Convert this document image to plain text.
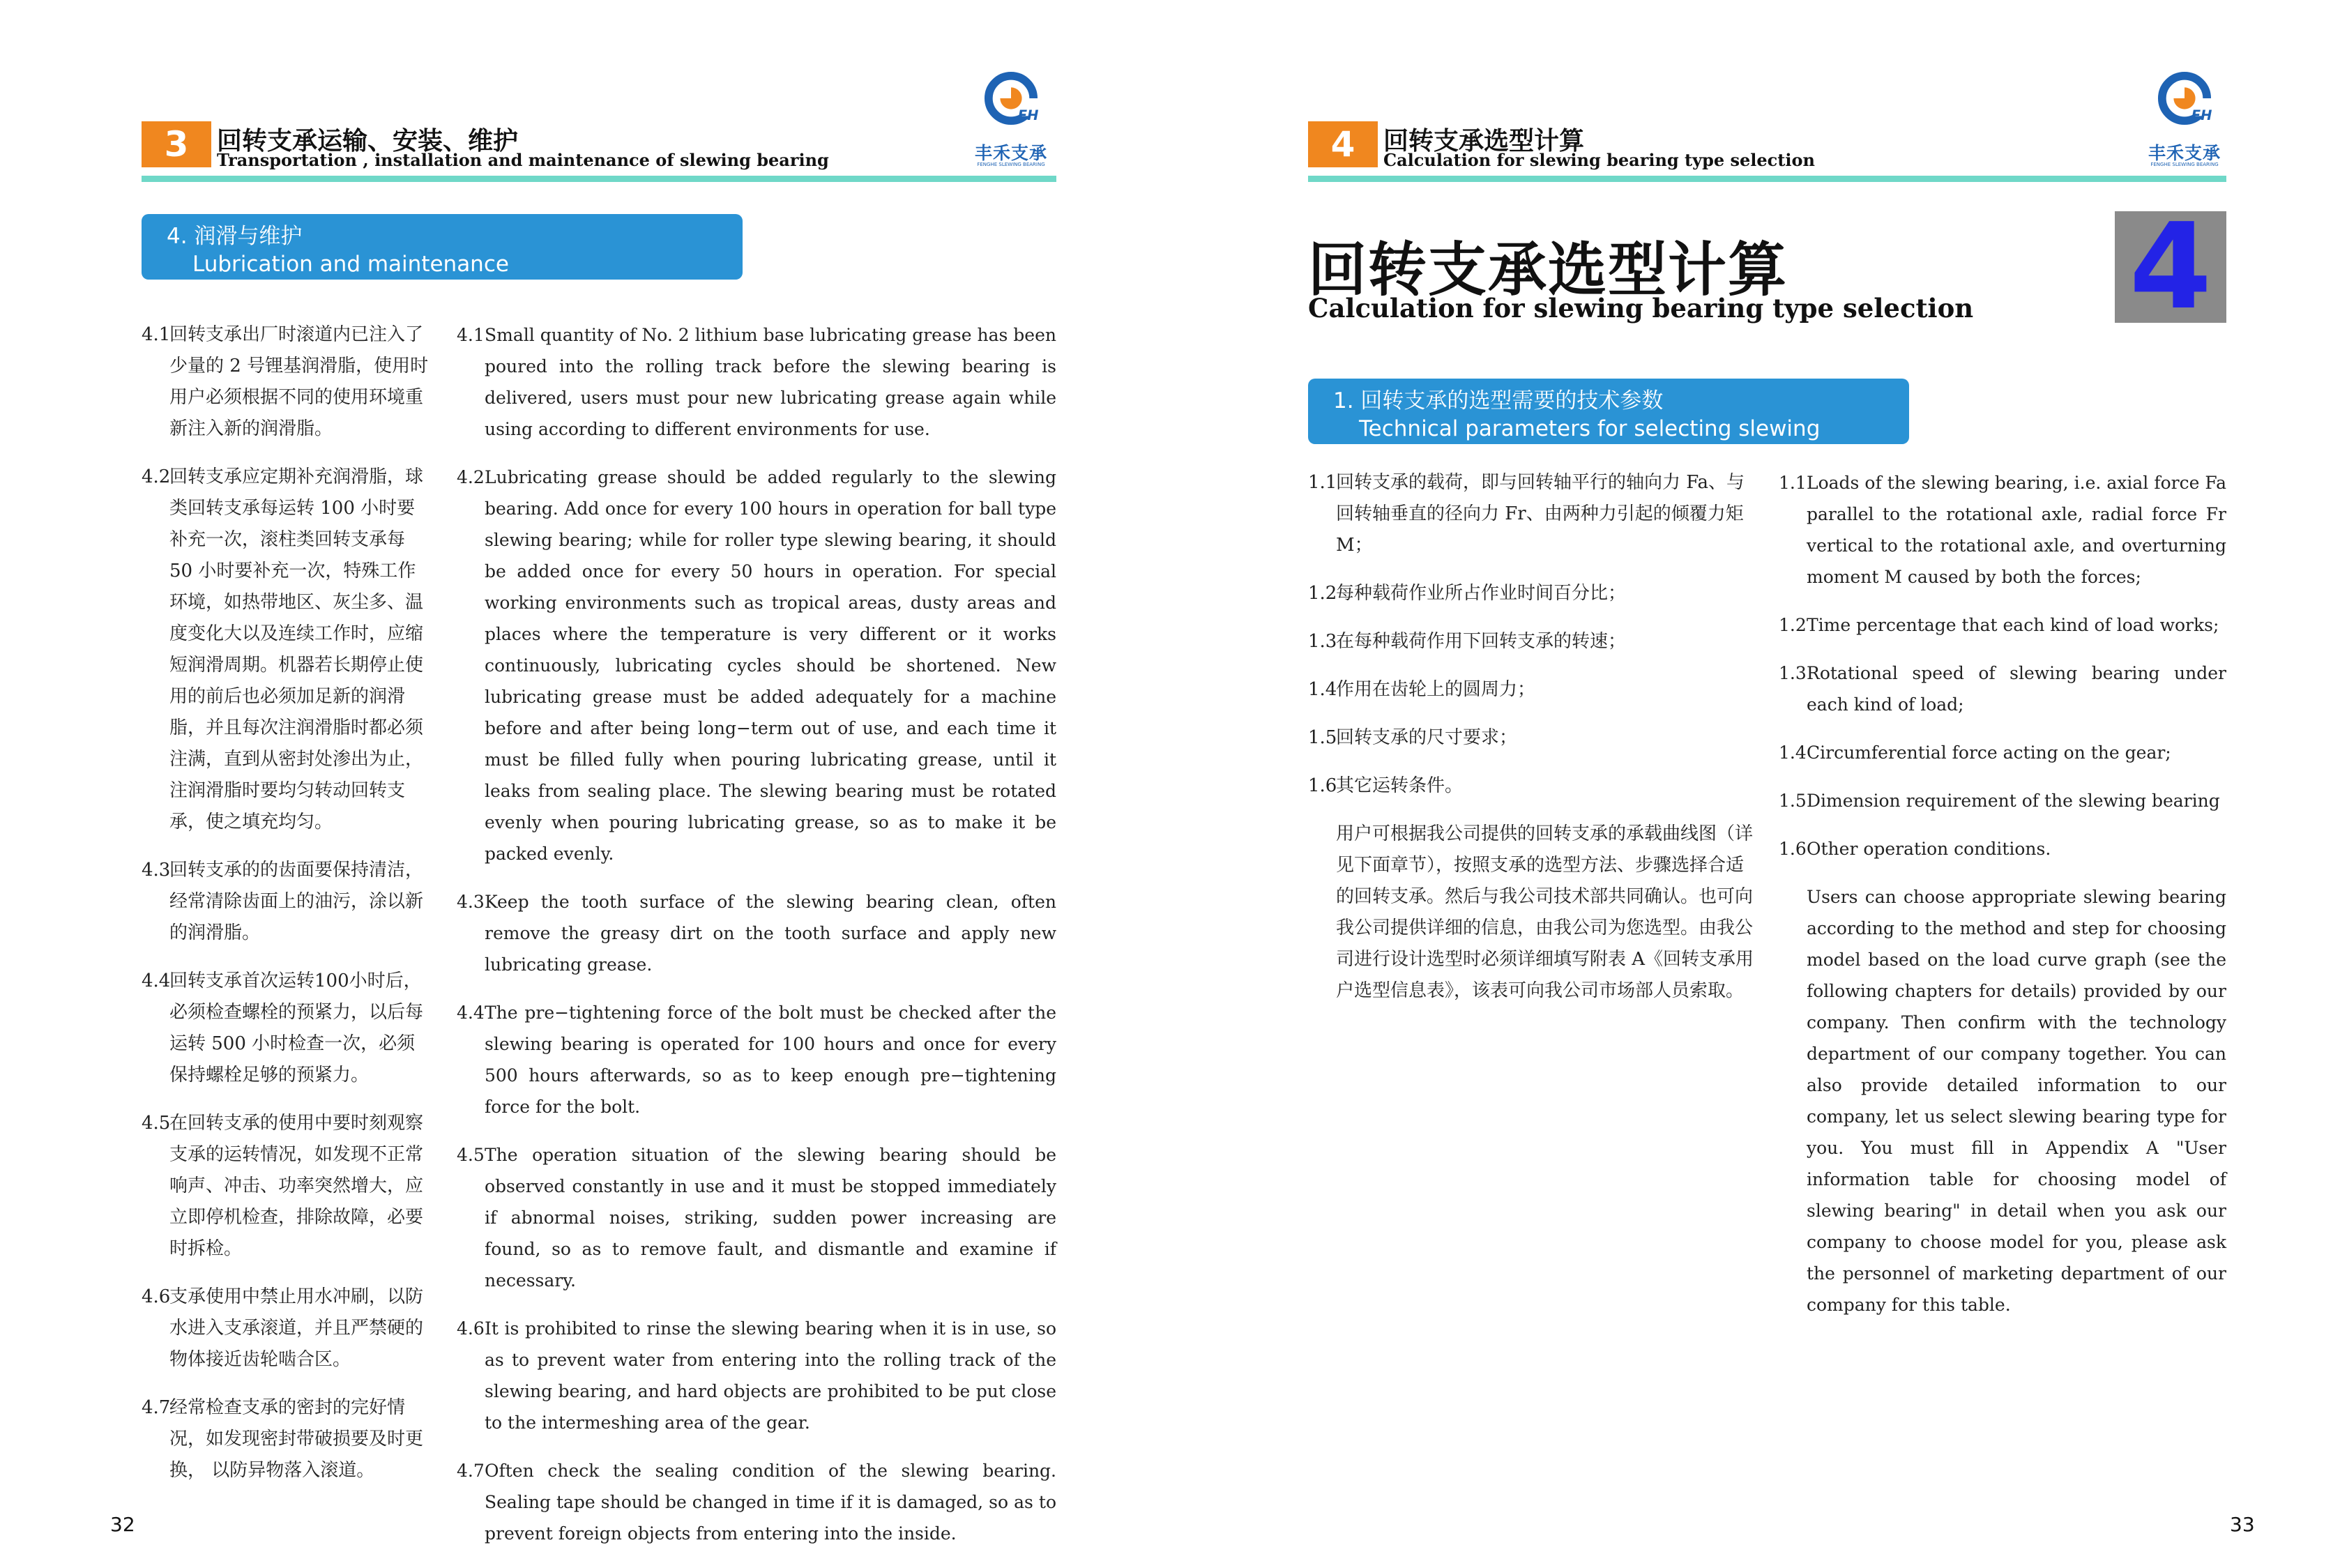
3	回转支承运输、安装、维护
Transportation , installation and maintenance of slewing bearing
FH
丰禾支承
FENGHE SLEWING BEARING
4. 润滑与维护
Lubrication and maintenance
4.1
回转支承出厂时滚道内已注入了少量的 2 号锂基润滑脂，使用时用户必须根据不同的使用环境重新注入新的润滑脂。
4.2
回转支承应定期补充润滑脂，球类回转支承每运转 100 小时要补充一次，滚柱类回转支承每 50 小时要补充一次，特殊工作环境，如热带地区、灰尘多、温度变化大以及连续工作时，应缩短润滑周期。机器若长期停止使用的前后也必须加足新的润滑脂，并且每次注润滑脂时都必须注满，直到从密封处渗出为止，注润滑脂时要均匀转动回转支承，使之填充均匀。
4.3
回转支承的的齿面要保持清洁，经常清除齿面上的油污，涂以新的润滑脂。
4.4
回转支承首次运转100小时后，必须检查螺栓的预紧力，以后每运转 500 小时检查一次，必须保持螺栓足够的预紧力。
4.5
在回转支承的使用中要时刻观察支承的运转情况，如发现不正常响声、冲击、功率突然增大，应立即停机检查，排除故障，必要时拆检。
4.6
支承使用中禁止用水冲刷，以防水进入支承滚道，并且严禁硬的物体接近齿轮啮合区。
4.7
经常检查支承的密封的完好情况，如发现密封带破损要及时更换， 以防异物落入滚道。
4.1 Small quantity of No. 2 lithium base lubricating grease has been poured into the rolling track before the slewing bearing is delivered, users must pour new lubricating grease again while using according to different environments for use.
4.2 Lubricating grease should be added regularly to the slewing bearing. Add once for every 100 hours in operation for ball type slewing bearing; while for roller type slewing bearing, it should be added once for every 50 hours in operation. For special working environments such as tropical areas, dusty areas and places where the temperature is very different or it works continuously, lubricating cycles should be shortened. New lubricating grease must be added adequately for a machine before and after being long−term out of use, and each time it must be filled fully when pouring lubricating grease, until it leaks from sealing place. The slewing bearing must be rotated evenly when pouring lubricating grease, so as to make it be packed evenly.
4.3 Keep the tooth surface of the slewing bearing clean, often remove the greasy dirt on the tooth surface and apply new lubricating grease.
4.4 The pre−tightening force of the bolt must be checked after the slewing bearing is operated for 100 hours and once for every 500 hours afterwards, so as to keep enough pre−tightening force for the bolt.
4.5 The operation situation of the slewing bearing should be observed constantly in use and it must be stopped immediately if abnormal noises, striking, sudden power increasing are found, so as to remove fault, and dismantle and examine if necessary.
4.6 It is prohibited to rinse the slewing bearing when it is in use, so as to prevent water from entering into the rolling track of the slewing bearing, and hard objects are prohibited to be put close to the intermeshing area of the gear.
4.7 Often check the sealing condition of the slewing bearing. Sealing tape should be changed in time if it is damaged, so as to prevent foreign objects from entering into the inside.
32
4	回转支承选型计算
Calculation for slewing bearing type selection
FH
丰禾支承
FENGHE SLEWING BEARING
回转支承选型计算
Calculation for slewing bearing type selection 4
1. 回转支承的选型需要的技术参数
Technical parameters for selecting slewing bearing
1.1
回转支承的载荷，即与回转轴平行的轴向力 Fa、与回转轴垂直的径向力 Fr、由两种力引起的倾覆力矩 M；
1.2
每种载荷作业所占作业时间百分比；
1.3
在每种载荷作用下回转支承的转速；
1.4
作用在齿轮上的圆周力；
1.5
回转支承的尺寸要求；
1.6
其它运转条件。
用户可根据我公司提供的回转支承的承载曲线图（详见下面章节），按照支承的选型方法、步骤选择合适的回转支承。然后与我公司技术部共同确认。也可向我公司提供详细的信息，由我公司为您选型。由我公司进行设计选型时必须详细填写附表 A《回转支承用户选型信息表》，该表可向我公司市场部人员索取。
1.1 Loads of the slewing bearing, i.e. axial force Fa parallel to the rotational axle, radial force Fr vertical to the rotational axle, and overturning moment M caused by both the forces;
1.2 Time percentage that each kind of load works;
1.3 Rotational speed of slewing bearing under each kind of load;
1.4 Circumferential force acting on the gear;
1.5 Dimension requirement of the slewing bearing
1.6 Other operation conditions.
Users can choose appropriate slewing bearing according to the method and step for choosing model based on the load curve graph (see the following chapters for details) provided by our company. Then confirm with the technology department of our company together. You can also provide detailed information to our company, let us select slewing bearing type for you. You must fill in Appendix A "User information table for choosing model of slewing bearing" in detail when you ask our company to choose model for you, please ask the personnel of marketing department of our company for this table.
33
